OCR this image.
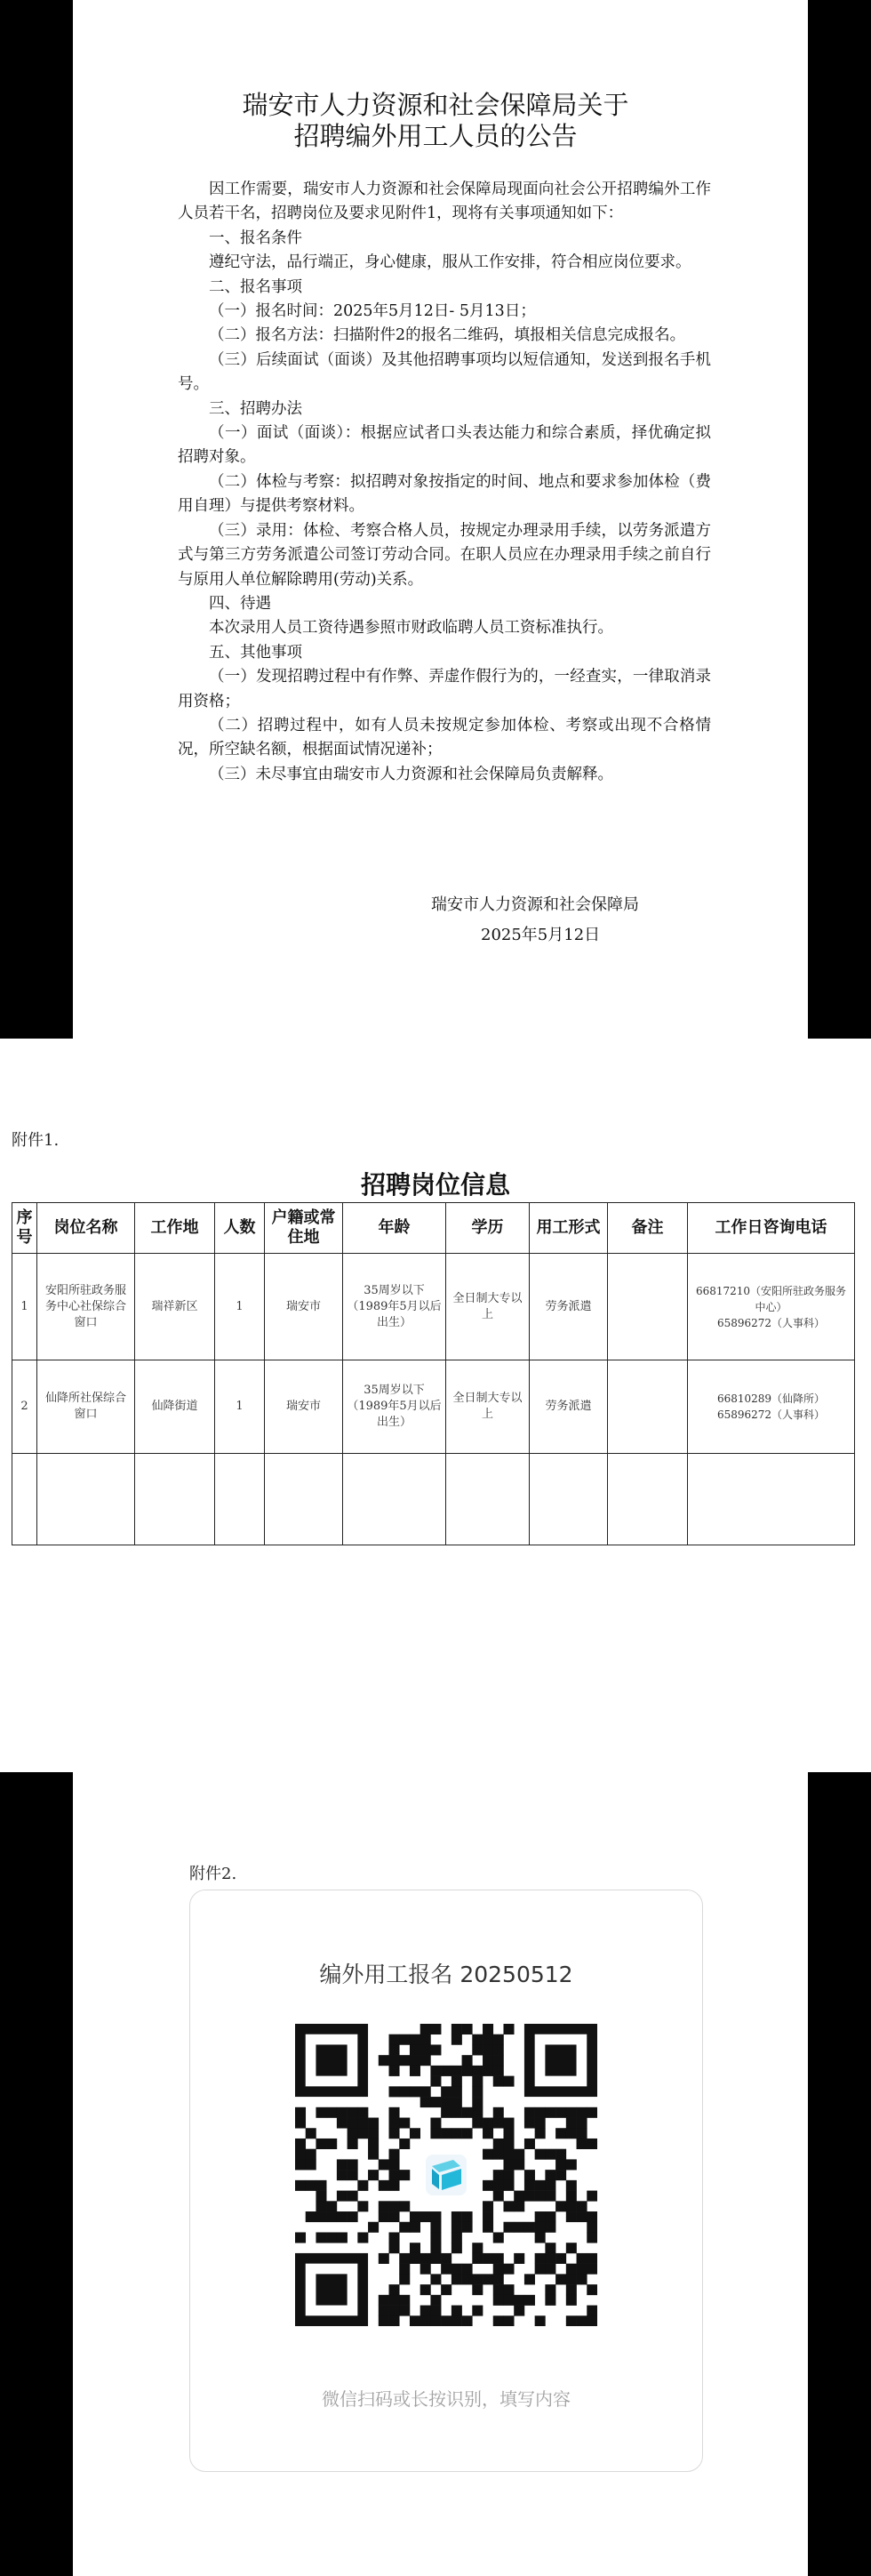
瑞安市人力资源和社会保障局关于
招聘编外用工人员的公告

因工作需要，瑞安市人力资源和社会保障局现面向社会公开招聘编外工作人员若干名，招聘岗位及要求见附件1，现将有关事项通知如下：

一、报名条件

遵纪守法，品行端正，身心健康，服从工作安排，符合相应岗位要求。

二、报名事项

（一）报名时间：2025年5月12日- 5月13日；

（二）报名方法：扫描附件2的报名二维码，填报相关信息完成报名。

（三）后续面试（面谈）及其他招聘事项均以短信通知，发送到报名手机号。

三、招聘办法

（一）面试（面谈）：根据应试者口头表达能力和综合素质，择优确定拟招聘对象。

（二）体检与考察：拟招聘对象按指定的时间、地点和要求参加体检（费用自理）与提供考察材料。

（三）录用：体检、考察合格人员，按规定办理录用手续，以劳务派遣方式与第三方劳务派遣公司签订劳动合同。在职人员应在办理录用手续之前自行与原用人单位解除聘用(劳动)关系。

四、待遇

本次录用人员工资待遇参照市财政临聘人员工资标准执行。

五、其他事项

（一）发现招聘过程中有作弊、弄虚作假行为的，一经查实，一律取消录用资格；

（二）招聘过程中，如有人员未按规定参加体检、考察或出现不合格情况，所空缺名额，根据面试情况递补；

（三）未尽事宜由瑞安市人力资源和社会保障局负责解释。

瑞安市人力资源和社会保障局
2025年5月12日
附件1.
招聘岗位信息
序号	岗位名称	工作地	人数	户籍或常住地	年龄	学历	用工形式	备注	工作日咨询电话
1	安阳所驻政务服务中心社保综合窗口	瑞祥新区	1	瑞安市	35周岁以下（1989年5月以后出生）	全日制大专以上	劳务派遣		66817210（安阳所驻政务服务中心）
65896272（人事科）
2	仙降所社保综合窗口	仙降街道	1	瑞安市	35周岁以下（1989年5月以后出生）	全日制大专以上	劳务派遣		66810289（仙降所）
65896272（人事科）

附件2.
编外用工报名 20250512
微信扫码或长按识别，填写内容
